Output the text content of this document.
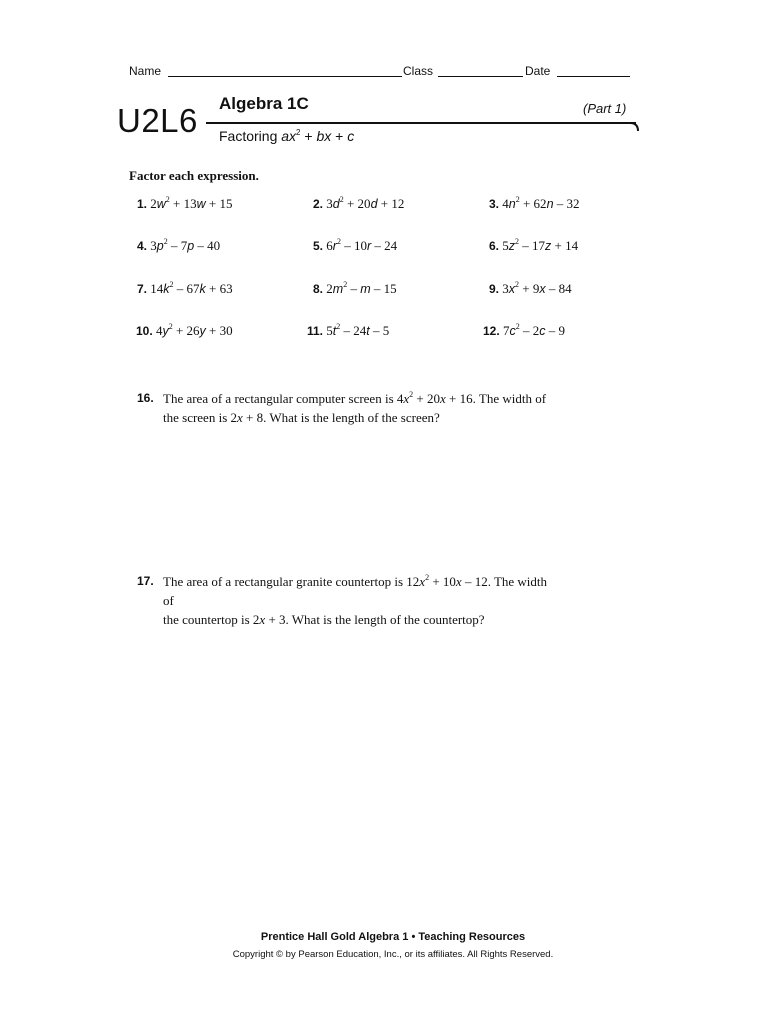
Name	Class	Date
U2L6 Algebra 1C	(Part 1)
Factoring $ax^2$ + bx + c
Factor each expression.
1. $2w^2 + 13w + 15$	2. $3d^2 + 20d + 12$	3. $4n^2 + 62n - 32$
4. $3p^2 - 7p - 40$	5. $6r^2 - 10r - 24$	6. $5z^2 - 17z + 14$
7. $14k^2 - 67k + 63$	8. $2m^2$ – m – 15	9. $3x^2 + 9x - 84$
10. $4y^2 + 26y + 30$	11. $5t^2 - 24t - 5$	12. $7c^2 - 2c - 9$
16. The area of a rectangular computer screen is $4x^2 + 20x + 16$. The width of
the screen is 2x + 8. What is the length of the screen?
17. The area of a rectangular granite countertop is $12x^2 + 10x - 12$. The width of
the countertop is 2x + 3. What is the length of the countertop?
Prentice Hall Gold Algebra 1 • Teaching Resources
Copyright © by Pearson Education, Inc., or its affiliates. All Rights Reserved.
